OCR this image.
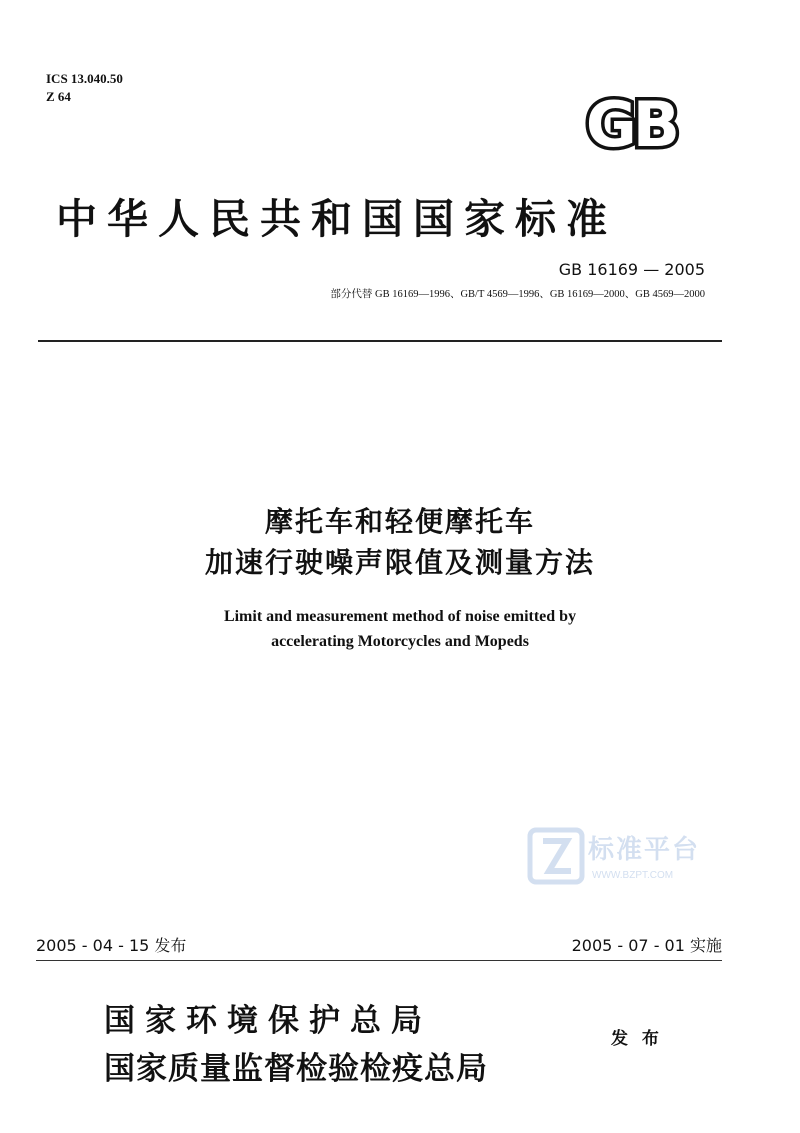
ICS 13.040.50
Z 64	GB
中华人民共和国国家标准
GB 16169 — 2005
部分代替 GB 16169—1996、GB/T 4569—1996、GB 16169—2000、GB 4569—2000
摩托车和轻便摩托车
加速行驶噪声限值及测量方法
Limit and measurement method of noise emitted by
accelerating Motorcycles and Mopeds
标准平台
WWW.BZPT.COM
2005 - 04 - 15 发布	2005 - 07 - 01 实施
国家环境保护总局
国家质量监督检验检疫总局
发 布
